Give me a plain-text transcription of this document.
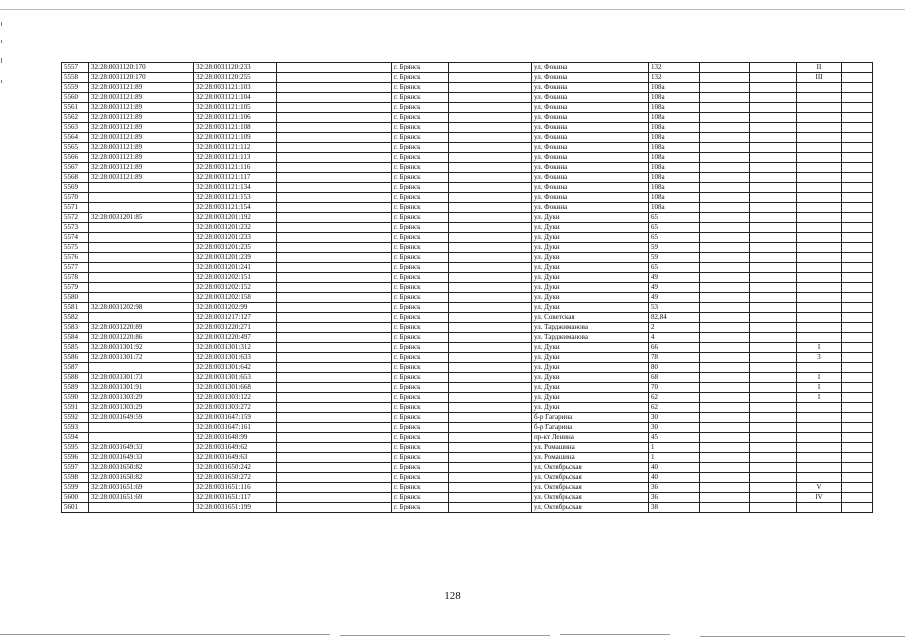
5557	32:28:0031120:170	32:28:0031120:233		г. Брянск		ул. Фокина	132			II	
5558	32:28:0031120:170	32:28:0031120:255		г. Брянск		ул. Фокина	132			III	
5559	32:28:0031121:89	32:28:0031121:103		г. Брянск		ул. Фокина	108а				
5560	32:28:0031121:89	32:28:0031121:104		г. Брянск		ул. Фокина	108а				
5561	32:28:0031121:89	32:28:0031121:105		г. Брянск		ул. Фокина	108а				
5562	32:28:0031121:89	32:28:0031121:106		г. Брянск		ул. Фокина	108а				
5563	32:28:0031121:89	32:28:0031121:108		г. Брянск		ул. Фокина	108а				
5564	32:28:0031121:89	32:28:0031121:109		г. Брянск		ул. Фокина	108а				
5565	32:28:0031121:89	32:28:0031121:112		г. Брянск		ул. Фокина	108а				
5566	32:28:0031121:89	32:28:0031121:113		г. Брянск		ул. Фокина	108а				
5567	32:28:0031121:89	32:28:0031121:116		г. Брянск		ул. Фокина	108а				
5568	32:28:0031121:89	32:28:0031121:117		г. Брянск		ул. Фокина	108а				
5569		32:28:0031121:134		г. Брянск		ул. Фокина	108а				
5570		32:28:0031121:153		г. Брянск		ул. Фокина	108а				
5571		32:28:0031121:154		г. Брянск		ул. Фокина	108а				
5572	32:28:0031201:85	32:28:0031201:192		г. Брянск		ул. Дуки	65				
5573		32:28:0031201:232		г. Брянск		ул. Дуки	65				
5574		32:28:0031201:233		г. Брянск		ул. Дуки	65				
5575		32:28:0031201:235		г. Брянск		ул. Дуки	59				
5576		32:28:0031201:239		г. Брянск		ул. Дуки	59				
5577		32:28:0031201:241		г. Брянск		ул. Дуки	65				
5578		32:28:0031202:151		г. Брянск		ул. Дуки	49				
5579		32:28:0031202:152		г. Брянск		ул. Дуки	49				
5580		32:28:0031202:158		г. Брянск		ул. Дуки	49				
5581	32:28:0031202:98	32:28:0031202:99		г. Брянск		ул. Дуки	53				
5582		32:28:0031217:127		г. Брянск		ул. Советская	82,84				
5583	32:28:0031220:89	32:28:0031220:271		г. Брянск		ул. Тарджиманова	2				
5584	32:28:0031220:86	32:28:0031220:497		г. Брянск		ул. Тарджиманова	4				
5585	32:28:0031301:92	32:28:0031301:312		г. Брянск		ул. Дуки	66			I	
5586	32:28:0031301:72	32:28:0031301:633		г. Брянск		ул. Дуки	78			3	
5587		32:28:0031301:642		г. Брянск		ул. Дуки	80				
5588	32:28:0031301:73	32:28:0031301:653		г. Брянск		ул. Дуки	68			I	
5589	32:28:0031301:91	32:28:0031301:668		г. Брянск		ул. Дуки	70			I	
5590	32:28:0031303:29	32:28:0031303:122		г. Брянск		ул. Дуки	62			I	
5591	32:28:0031303:29	32:28:0031303:272		г. Брянск		ул. Дуки	62				
5592	32:28:0031649:59	32:28:0031647:159		г. Брянск		б-р Гагарина	30				
5593		32:28:0031647:161		г. Брянск		б-р Гагарина	30				
5594		32:28:0031648:99		г. Брянск		пр-кт Ленина	45				
5595	32:28:0031649:33	32:28:0031649:62		г. Брянск		ул. Ромашина	1				
5596	32:28:0031649:33	32:28:0031649:63		г. Брянск		ул. Ромашина	1				
5597	32:28:0031650:82	32:28:0031650:242		г. Брянск		ул. Октябрьская	40				
5598	32:28:0031650:82	32:28:0031650:272		г. Брянск		ул. Октябрьская	40				
5599	32:28:0031651:69	32:28:0031651:116		г. Брянск		ул. Октябрьская	36			V	
5600	32:28:0031651:69	32:28:0031651:117		г. Брянск		ул. Октябрьская	36			IV	
5601		32:28:0031651:199		г. Брянск		ул. Октябрьская	38				
128
